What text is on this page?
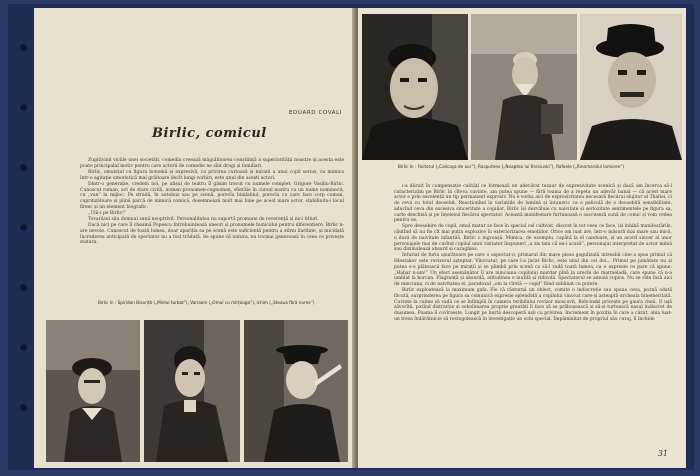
EDUARD COVALI
Birlic, comicul

Zugrăvind viciile unei societăți, comedia creează măgulitoarea conștiință a superiorității noastre și acesta este poate principalul motiv pentru care actorii de comedie ne sînt dragi și familiari.

Birlic, omulețul cu figura bonomă și expresivă, cu privirea curioasă și mirată a unui copil serios, cu mimica într-o agitație umoristică mai grăitoare decît lungi vorbiri, este unul din acești actori.

Dintr-o generație, credem noi, pe afișul de teatru îl găsim trecut cu numele complet: Grigore Vasiliu-Birlic. Cunoscut roman, act de stare civilă, nomen-pronomen-cognomen, sfierăie în cursul nostru cu un nume nominecit, cu „vun” la mijloc. Pe stradă, în autobuz sau pe scenă, porecla binilabiul, porecla cu care face corp comun, cuprinzătoare și plină parcă de mimică comică, desemnează mult mai bine pe acest mare actor, stabilindu-i locul firesc și un element biografic.

„Ulii-i pe Birlic!”

Tovarăsul său domnul sună neoptrivit. Personalitatea nu suportă promune de reverență și nici titluri.

Dacă nici pe care îl cheamă Popescu Intrebuințează uneori și pronumele bunicului pentru diferențiere, Birlic n-are nevoie. Cunoscut de toată lumea, doar apariția sa pe scenă este suficientă pentru a stîrni ilaritate, și micidată încrederea anticipată de spectator nu a fost trădată. Se spune că natura, nu tocmai generoasă în ceea ce privește statura.

Birlic în : Spiridon Bisoriță („Mielul turbat”), Varlaam („Omul cu mîrțoaga”), Ichim („Steaua fără nume”)
Birlic în : Factorul („Calicaşa de aur”), Rasputnev („Noaptea lui Kreciuski”), Rafaele („Rinomarolul lamoree”)

i-a dăruit în compensație calități ce formează un adevărat tezaur de expresivitate scenică și dacă am încerca să-l caracterizăm pe Birlic în cîteva cuvinte, am putea spune — fără teama de a repeta un adevăr banal — că acest mare actor e prin excelență un tip permanent expresiv. Nu e vorba aici de expresivitatea necesară fiecărui slujitor al Thaliei, ci de ceva cu totul deosebit. Reacționînd la variațiile de lumină și întuneric ca o peliculă de o deosebită sensibilitate, aducînd ceva din excesiva sinceritate a copiilor, Birlic își dezvăluie cu naivitate și seriozitate sentimentele pe figura sa, carte deschisă și pe înțelesul fiecărui spectator. Această manifestare furtunoasă o succeseză sună de comic și vom vedea pentru ce.

Spre deosebire de copil, omul matur se face în special cel cultivat, discret în tot ceea ce face, iși inhibă manifestările, căutînd să nu fie cît mai puțin explozive în exteriorizarea emoțiilor. Orice om luat are, într-o măsură mai mare sau mică, o doză de naivitate infantilă. Birlic o ingroașă. Mimica, de exemplu, capătă la el candoare, și un acord sincer al unor personajele mai de curînd copilul unui vizitator înspuneri „a zis tata că ea-i acasă”, personajul interpretat de actor mimă sau dizimulează absurd și caraghios.

Infuriat de furia ușurătoare pe care o aspectat-o, primarul din mare piesa gogulizată intreabă cine a spus primul că Hlestakov este revizorul așteptat. Vinovatul, pe care l-a jucat Birlic, este unul din cei doi... Primul pe jumătate nu și putea s-o plătească face pe mirații și se plimbă prin scenă ca să-l vadă toată lumea, ca o expresie ce pare că spune: „Habar n-am!” Un efect asemănător îl are minciuna copilului murdar pînă la urechi de marmeladă, care spune că n-a umblat la borcan. Flagranță și absurdă, atitudinea e inutilă și ridicolă. Spectatorul se amuză copios. Nu se rîde însă aici de minciuna, ci de naivitatea ei, paradoxul „om la vîrstă — copil” fiind sublinat cu putere.

Birlic exploatează la maximum gafa. Fie că răsturnă un obiect, comite o indiscreție sau spune ceva, poznă odată făcută, surprinderea pe figura sa comunică expresie splendidă a copilului vinovat care-și așteaptă urcheala binemeritată. Cuvinte la culme să vadă ce se întîmplă în camera teribilului revizor moscovit, Bobcinski privește pe gaura cheii. O ușă zăvorîtă, pozînd distracție și sobolimarea proprie greutăți îl face să se prăbușească și să-și turtească nasul indiscret de dușumea. Poama îl covîrșește. Lungit pe burtă descoperă ușii cu privirea. Increment în poziția în care a căzut, abia luat-un tresa îndărătnicie să rostogolească în investigație un ochi special. Împăminitat de propriul său curaj, îl închide

31
